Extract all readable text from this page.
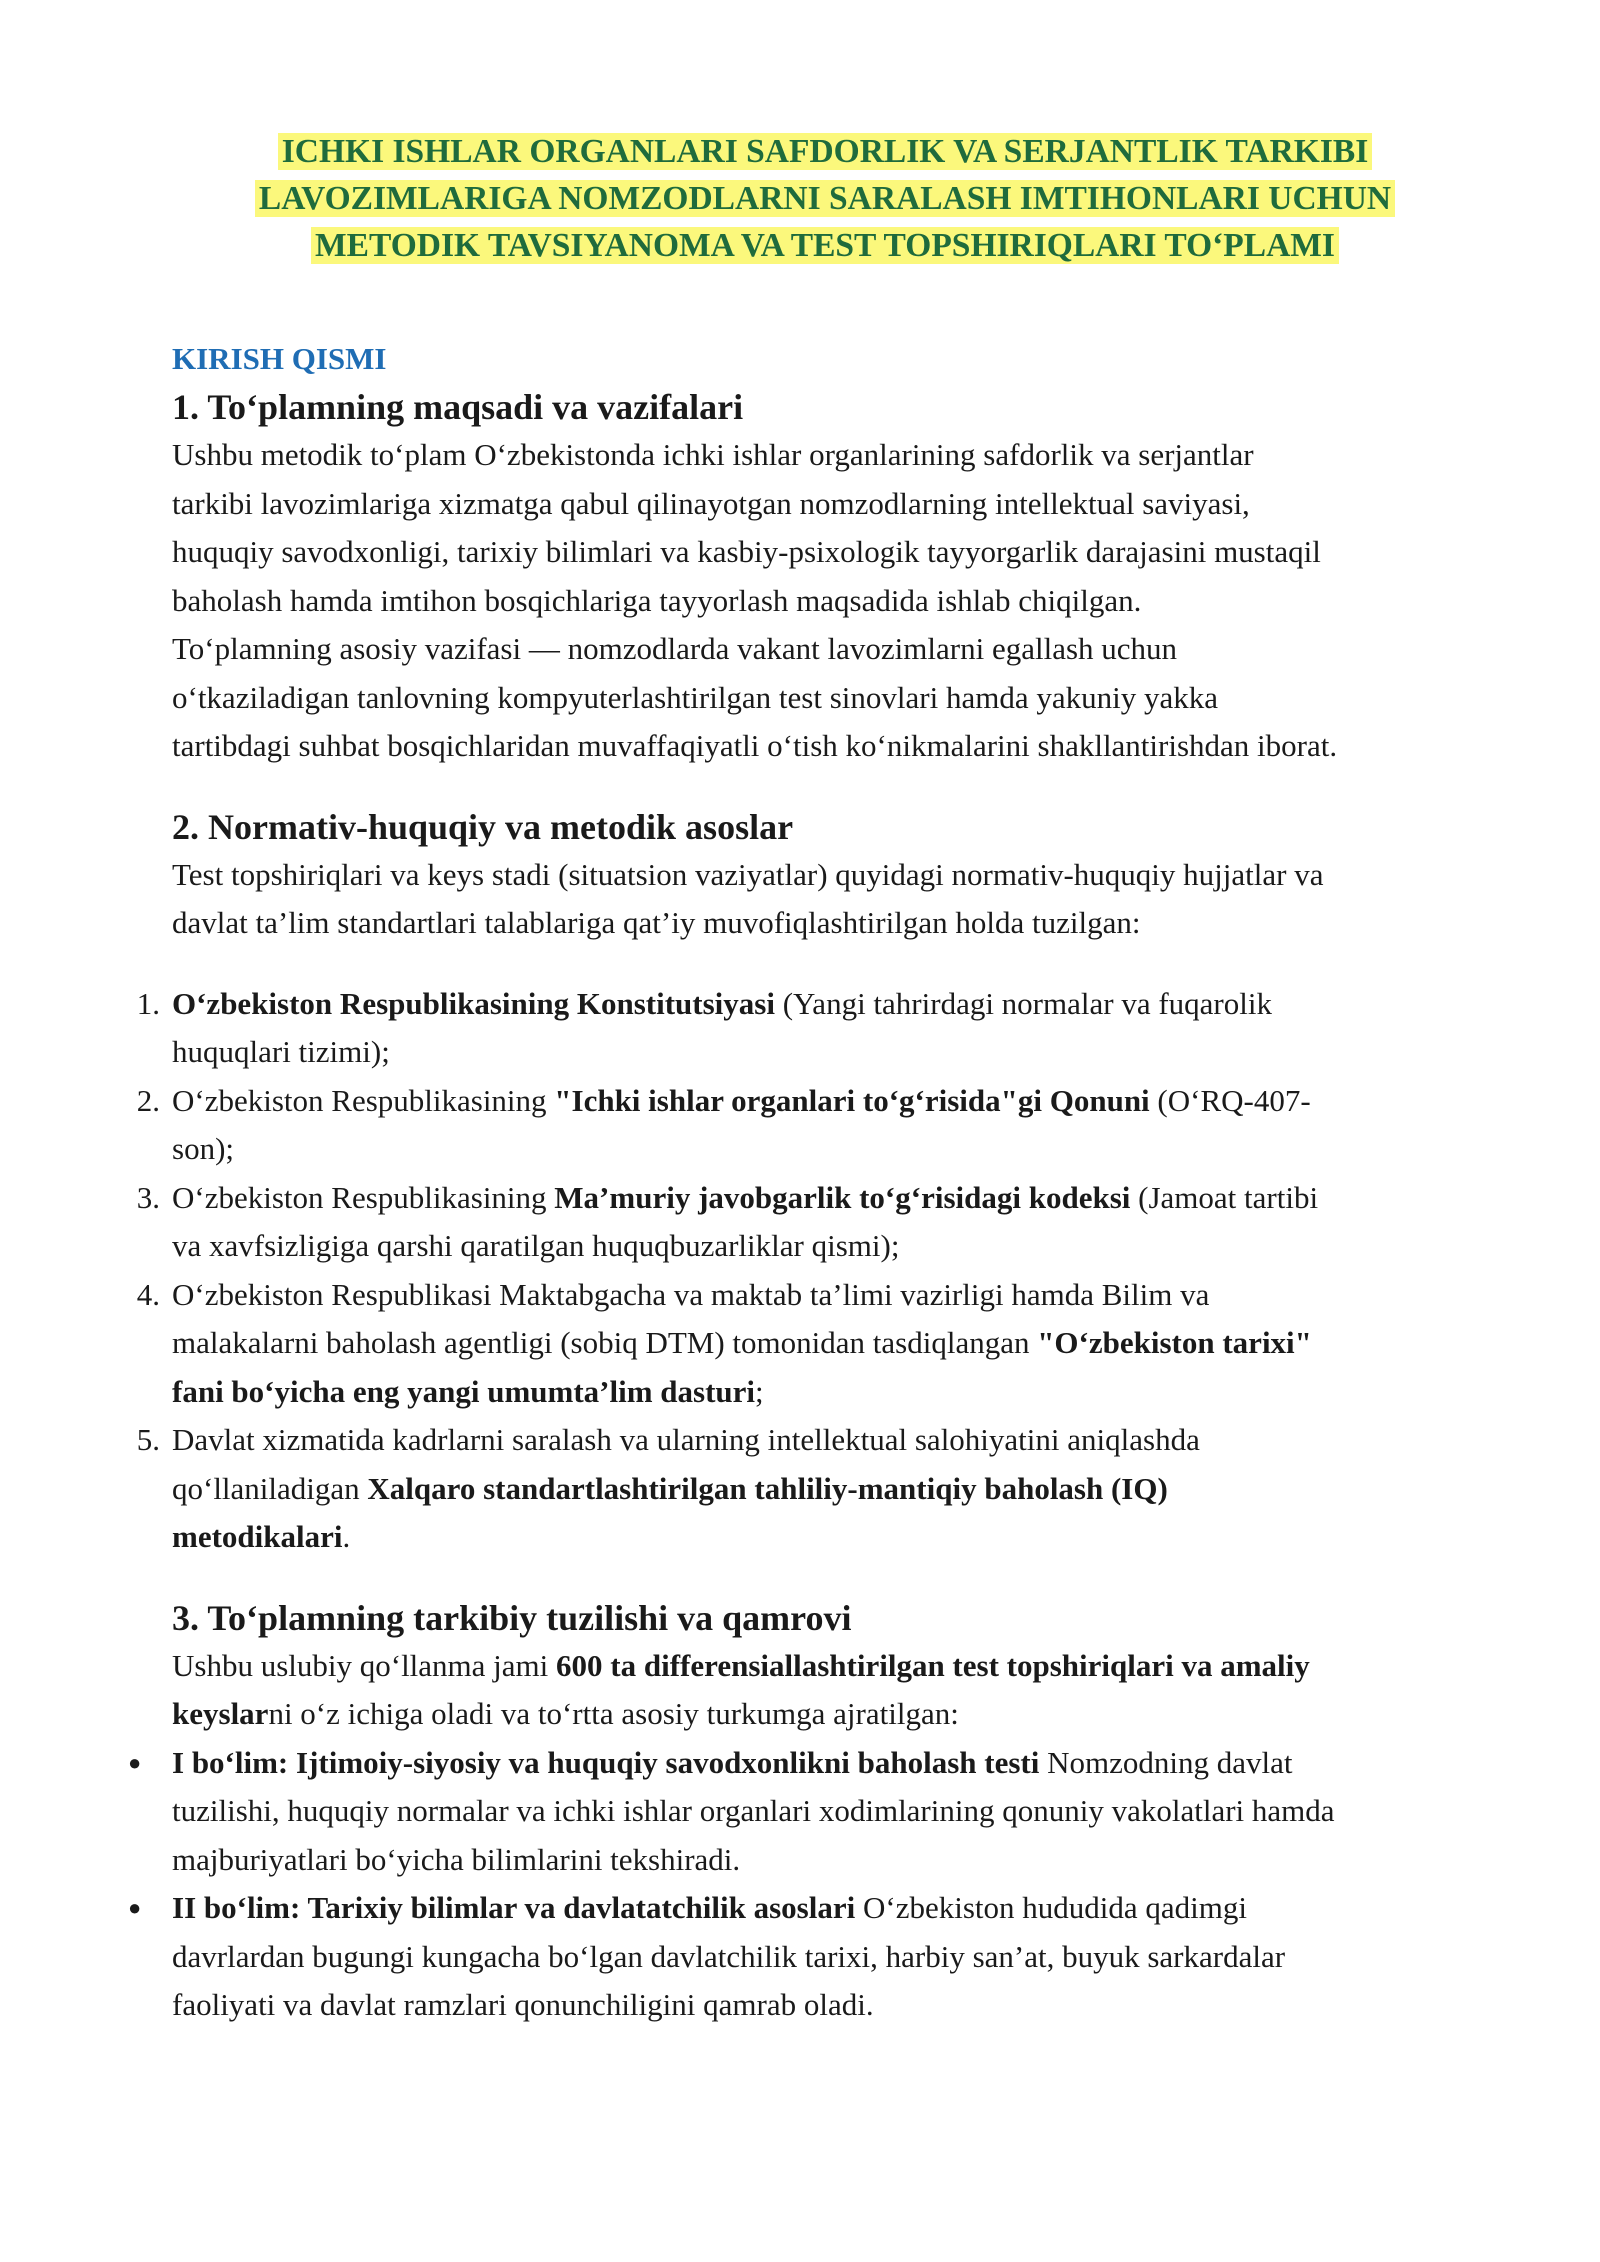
ICHKI ISHLAR ORGANLARI SAFDORLIK VA SERJANTLIK TARKIBI
LAVOZIMLARIGA NOMZODLARNI SARALASH IMTIHONLARI UCHUN
METODIK TAVSIYANOMA VA TEST TOPSHIRIQLARI TO‘PLAMI
KIRISH QISMI
1. To‘plamning maqsadi va vazifalari
Ushbu metodik to‘plam O‘zbekistonda ichki ishlar organlarining safdorlik va serjantlar
tarkibi lavozimlariga xizmatga qabul qilinayotgan nomzodlarning intellektual saviyasi,
huquqiy savodxonligi, tarixiy bilimlari va kasbiy-psixologik tayyorgarlik darajasini mustaqil
baholash hamda imtihon bosqichlariga tayyorlash maqsadida ishlab chiqilgan.
To‘plamning asosiy vazifasi — nomzodlarda vakant lavozimlarni egallash uchun
o‘tkaziladigan tanlovning kompyuterlashtirilgan test sinovlari hamda yakuniy yakka
tartibdagi suhbat bosqichlaridan muvaffaqiyatli o‘tish ko‘nikmalarini shakllantirishdan iborat.
2. Normativ-huquqiy va metodik asoslar
Test topshiriqlari va keys stadi (situatsion vaziyatlar) quyidagi normativ-huquqiy hujjatlar va
davlat ta’lim standartlari talablariga qat’iy muvofiqlashtirilgan holda tuzilgan:
1. O‘zbekiston Respublikasining Konstitutsiyasi (Yangi tahrirdagi normalar va fuqarolik
huquqlari tizimi);
2. O‘zbekiston Respublikasining "Ichki ishlar organlari to‘g‘risida"gi Qonuni (O‘RQ-407-
son);
3. O‘zbekiston Respublikasining Ma’muriy javobgarlik to‘g‘risidagi kodeksi (Jamoat tartibi
va xavfsizligiga qarshi qaratilgan huquqbuzarliklar qismi);
4. O‘zbekiston Respublikasi Maktabgacha va maktab ta’limi vazirligi hamda Bilim va
malakalarni baholash agentligi (sobiq DTM) tomonidan tasdiqlangan "O‘zbekiston tarixi"
fani bo‘yicha eng yangi umumta’lim dasturi;
5. Davlat xizmatida kadrlarni saralash va ularning intellektual salohiyatini aniqlashda
qo‘llaniladigan Xalqaro standartlashtirilgan tahliliy-mantiqiy baholash (IQ)
metodikalari.
3. To‘plamning tarkibiy tuzilishi va qamrovi
Ushbu uslubiy qo‘llanma jami 600 ta differensiallashtirilgan test topshiriqlari va amaliy
keyslarni o‘z ichiga oladi va to‘rtta asosiy turkumga ajratilgan:
● I bo‘lim: Ijtimoiy-siyosiy va huquqiy savodxonlikni baholash testi Nomzodning davlat
tuzilishi, huquqiy normalar va ichki ishlar organlari xodimlarining qonuniy vakolatlari hamda
majburiyatlari bo‘yicha bilimlarini tekshiradi.
● II bo‘lim: Tarixiy bilimlar va davlatatchilik asoslari O‘zbekiston hududida qadimgi
davrlardan bugungi kungacha bo‘lgan davlatchilik tarixi, harbiy san’at, buyuk sarkardalar
faoliyati va davlat ramzlari qonunchiligini qamrab oladi.
